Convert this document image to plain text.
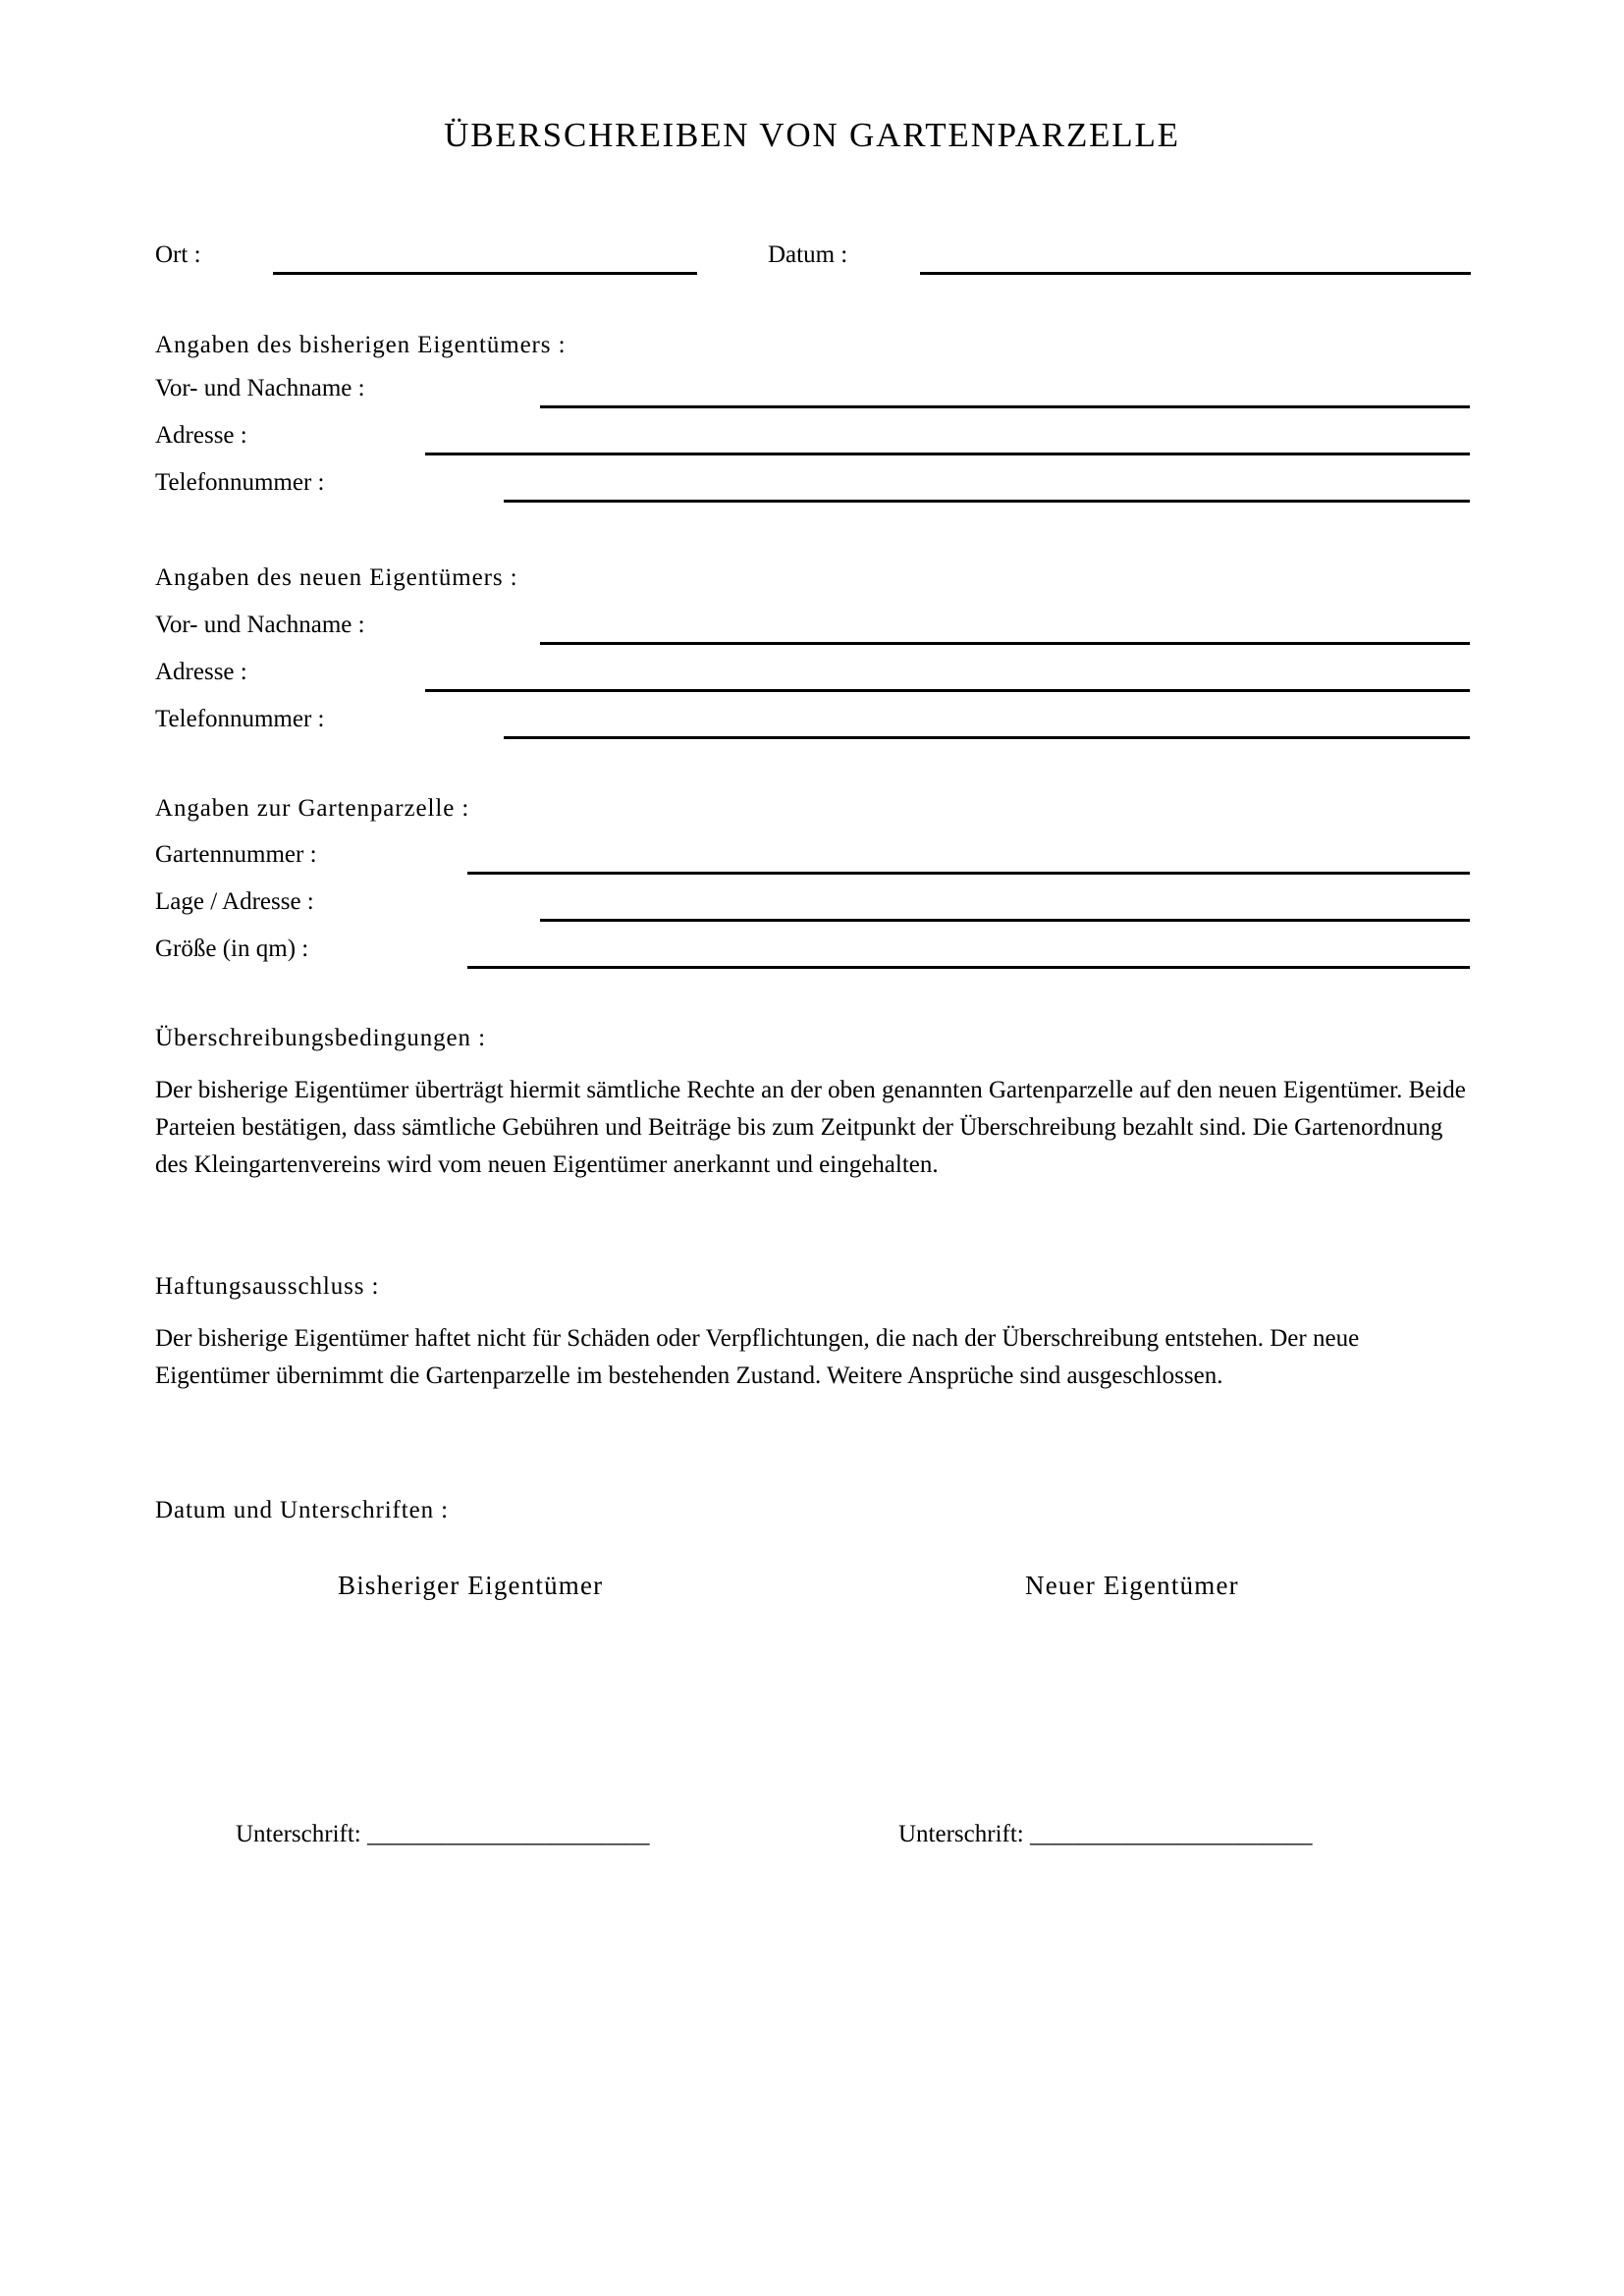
ÜBERSCHREIBEN VON GARTENPARZELLE
Ort :	Datum :
Angaben des bisherigen Eigentümers :
Vor- und Nachname :
Adresse :
Telefonnummer :
Angaben des neuen Eigentümers :
Vor- und Nachname :
Adresse :
Telefonnummer :
Angaben zur Gartenparzelle :
Gartennummer :
Lage / Adresse :
Größe (in qm) :
Überschreibungsbedingungen :
Der bisherige Eigentümer überträgt hiermit sämtliche Rechte an der oben genannten Gartenparzelle auf den neuen Eigentümer. Beide Parteien bestätigen, dass sämtliche Gebühren und Beiträge bis zum Zeitpunkt der Überschreibung bezahlt sind. Die Gartenordnung des Kleingartenvereins wird vom neuen Eigentümer anerkannt und eingehalten.
Haftungsausschluss :
Der bisherige Eigentümer haftet nicht für Schäden oder Verpflichtungen, die nach der Überschreibung entstehen. Der neue Eigentümer übernimmt die Gartenparzelle im bestehenden Zustand. Weitere Ansprüche sind ausgeschlossen.
Datum und Unterschriften :
Bisheriger Eigentümer	Neuer Eigentümer
Unterschrift: _______________________	Unterschrift: _______________________
